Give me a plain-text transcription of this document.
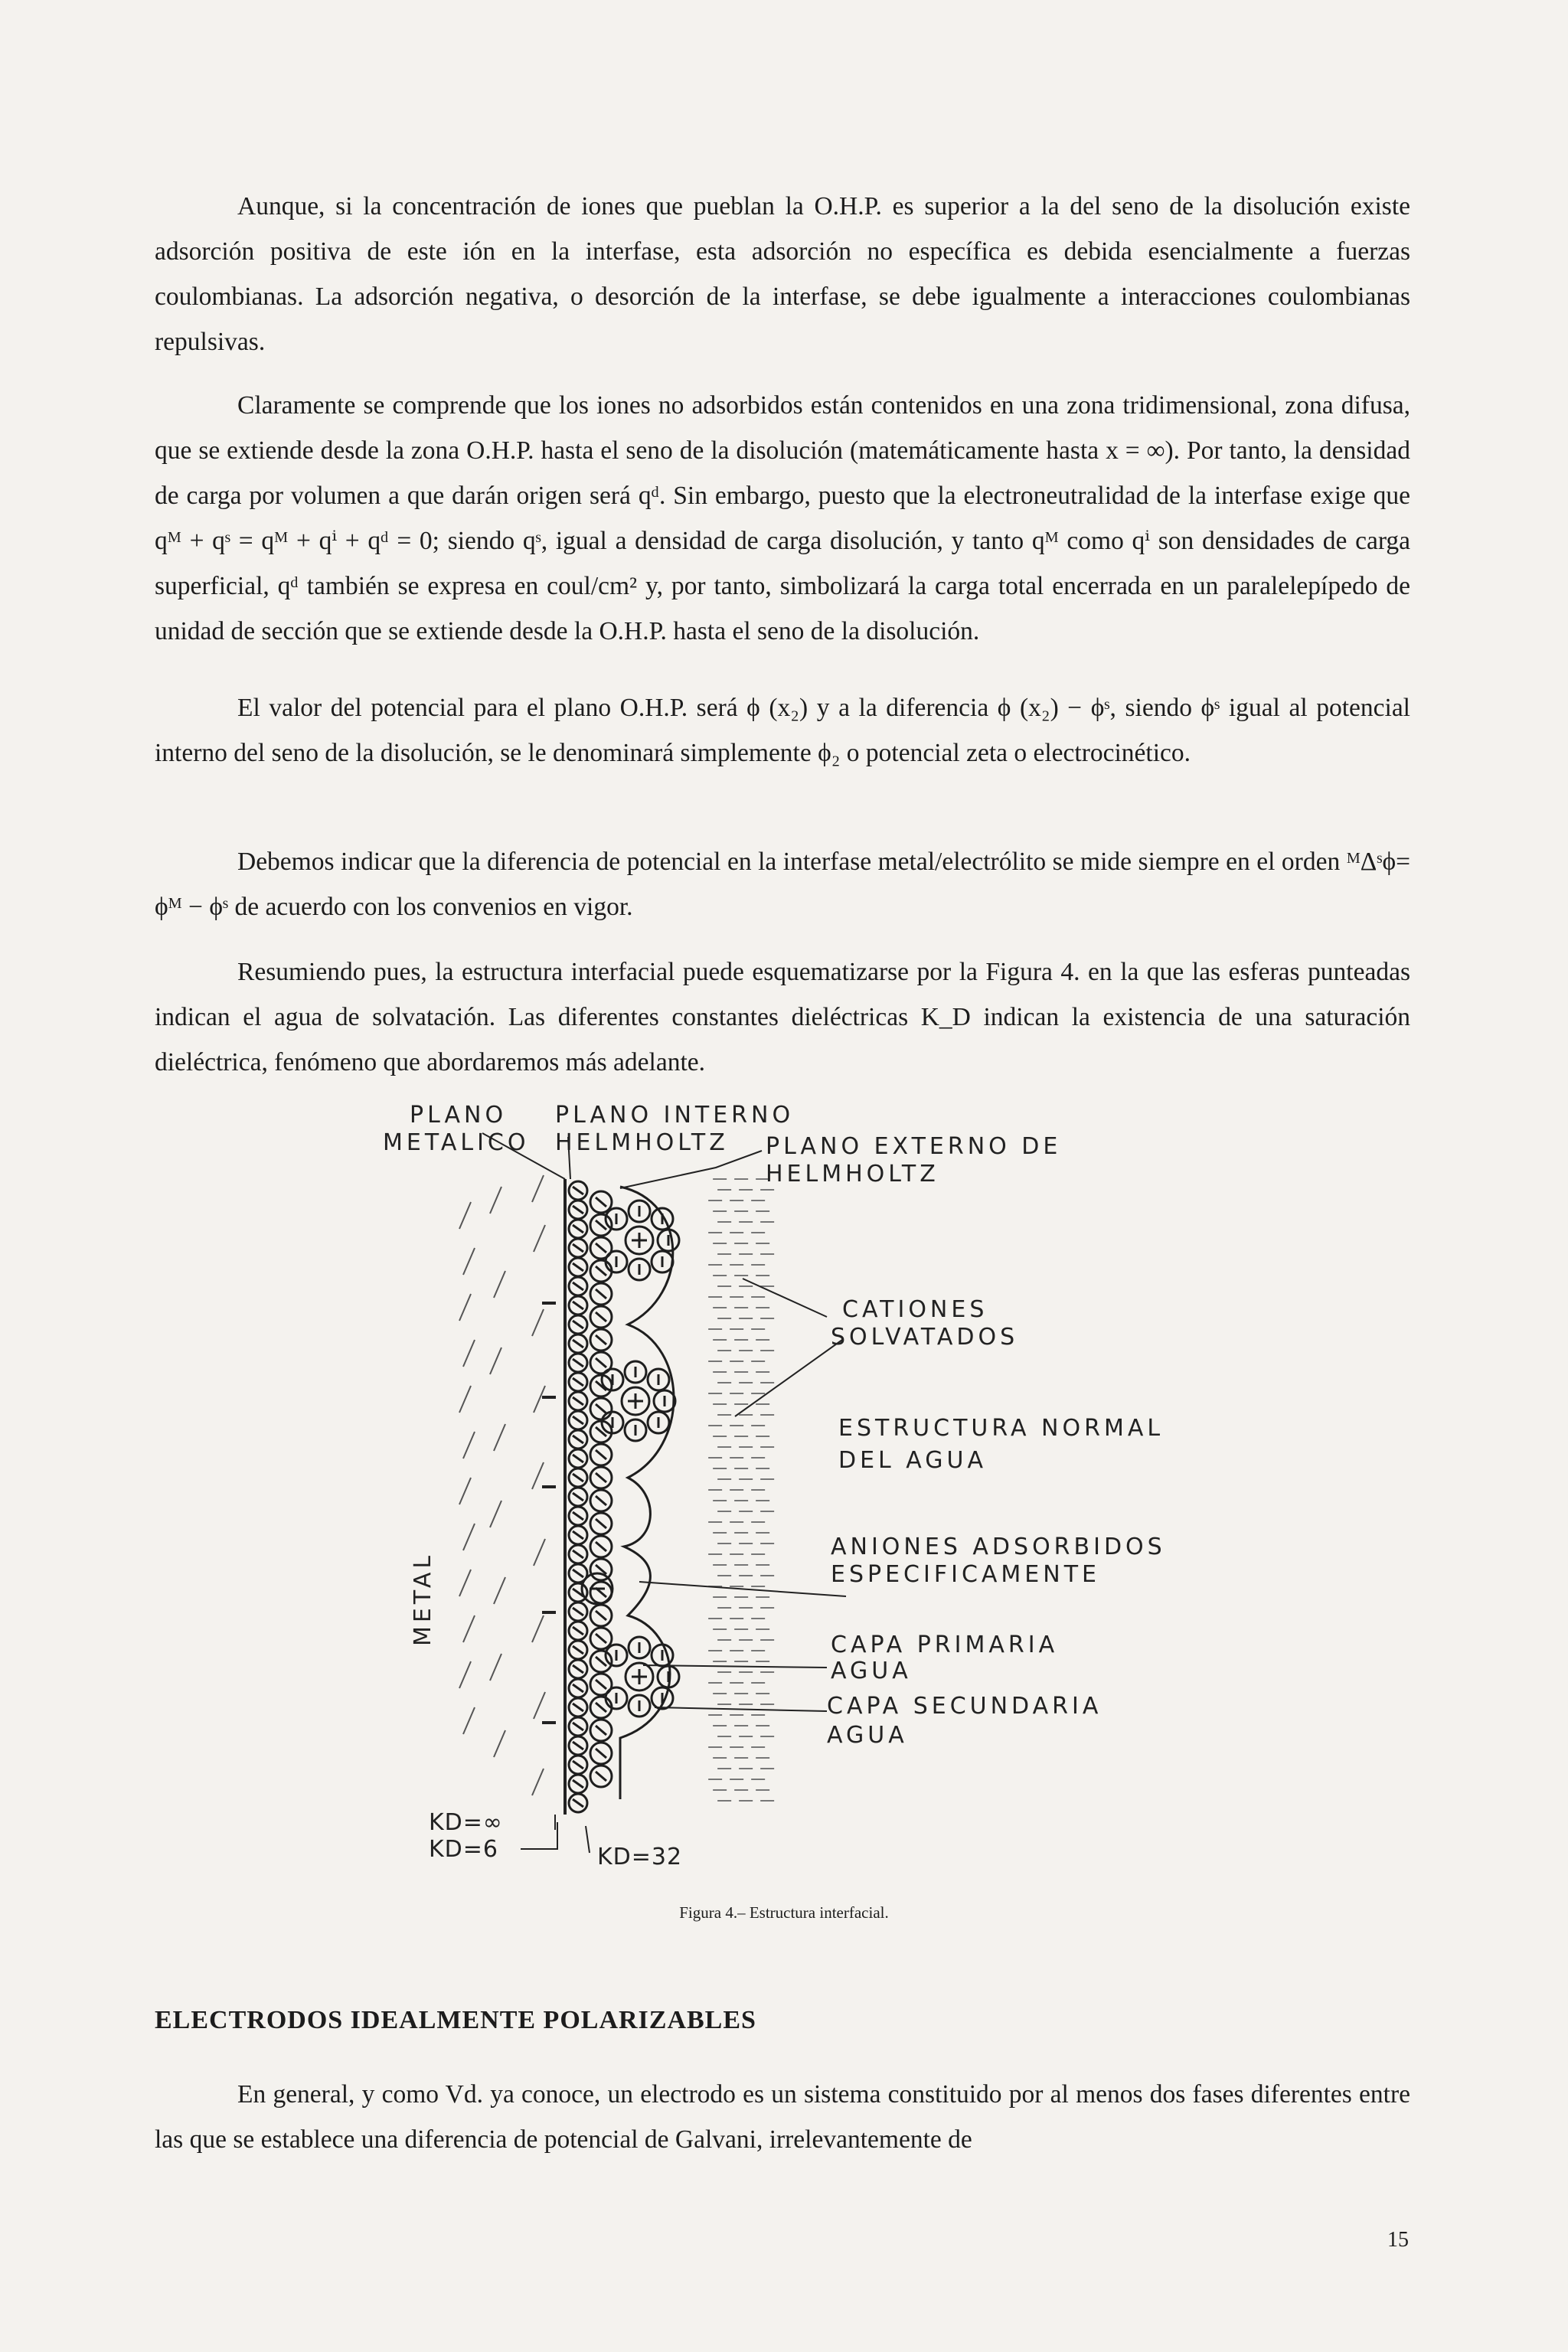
Aunque, si la concentración de iones que pueblan la O.H.P. es superior a la del seno de la disolución existe adsorción positiva de este ión en la interfase, esta adsorción no específica es debida esencialmente a fuerzas coulombianas. La adsorción negativa, o desorción de la interfase, se debe igualmente a interacciones coulombianas repulsivas.

Claramente se comprende que los iones no adsorbidos están contenidos en una zona tridimensional, zona difusa, que se extiende desde la zona O.H.P. hasta el seno de la disolución (matemáticamente hasta x = ∞). Por tanto, la densidad de carga por volumen a que darán origen será qᵈ. Sin embargo, puesto que la electroneutralidad de la interfase exige que qᴹ + qˢ = qᴹ + qⁱ + qᵈ = 0; siendo qˢ, igual a densidad de carga disolución, y tanto qᴹ como qⁱ son densidades de carga superficial, qᵈ también se expresa en coul/cm² y, por tanto, simbolizará la carga total encerrada en un paralelepípedo de unidad de sección que se extiende desde la O.H.P. hasta el seno de la disolución.

El valor del potencial para el plano O.H.P. será ϕ (x₂) y a la diferencia ϕ (x₂) − ϕˢ, siendo ϕˢ igual al potencial interno del seno de la disolución, se le denominará simplemente ϕ₂ o potencial zeta o electrocinético.

Debemos indicar que la diferencia de potencial en la interfase metal/electrólito se mide siempre en el orden ᴹΔˢϕ= ϕᴹ − ϕˢ de acuerdo con los convenios en vigor.

Resumiendo pues, la estructura interfacial puede esquematizarse por la Figura 4. en la que las esferas punteadas indican el agua de solvatación. Las diferentes constantes dieléctricas K_D indican la existencia de una saturación dieléctrica, fenómeno que abordaremos más adelante.

PLANO
METALICO
PLANO INTERNO
HELMHOLTZ PLANO EXTERNO DE
HELMHOLTZ
CATIONES
SOLVATADOS
ESTRUCTURA NORMAL
DEL AGUA
ANIONES ADSORBIDOS
ESPECIFICAMENTE
CAPA PRIMARIA
AGUA
CAPA SECUNDARIA
AGUA
METAL
KD=∞
KD=6	KD=32
Figura 4.– Estructura interfacial.
ELECTRODOS IDEALMENTE POLARIZABLES

En general, y como Vd. ya conoce, un electrodo es un sistema constituido por al menos dos fases diferentes entre las que se establece una diferencia de potencial de Galvani, irrelevantemente de

15
